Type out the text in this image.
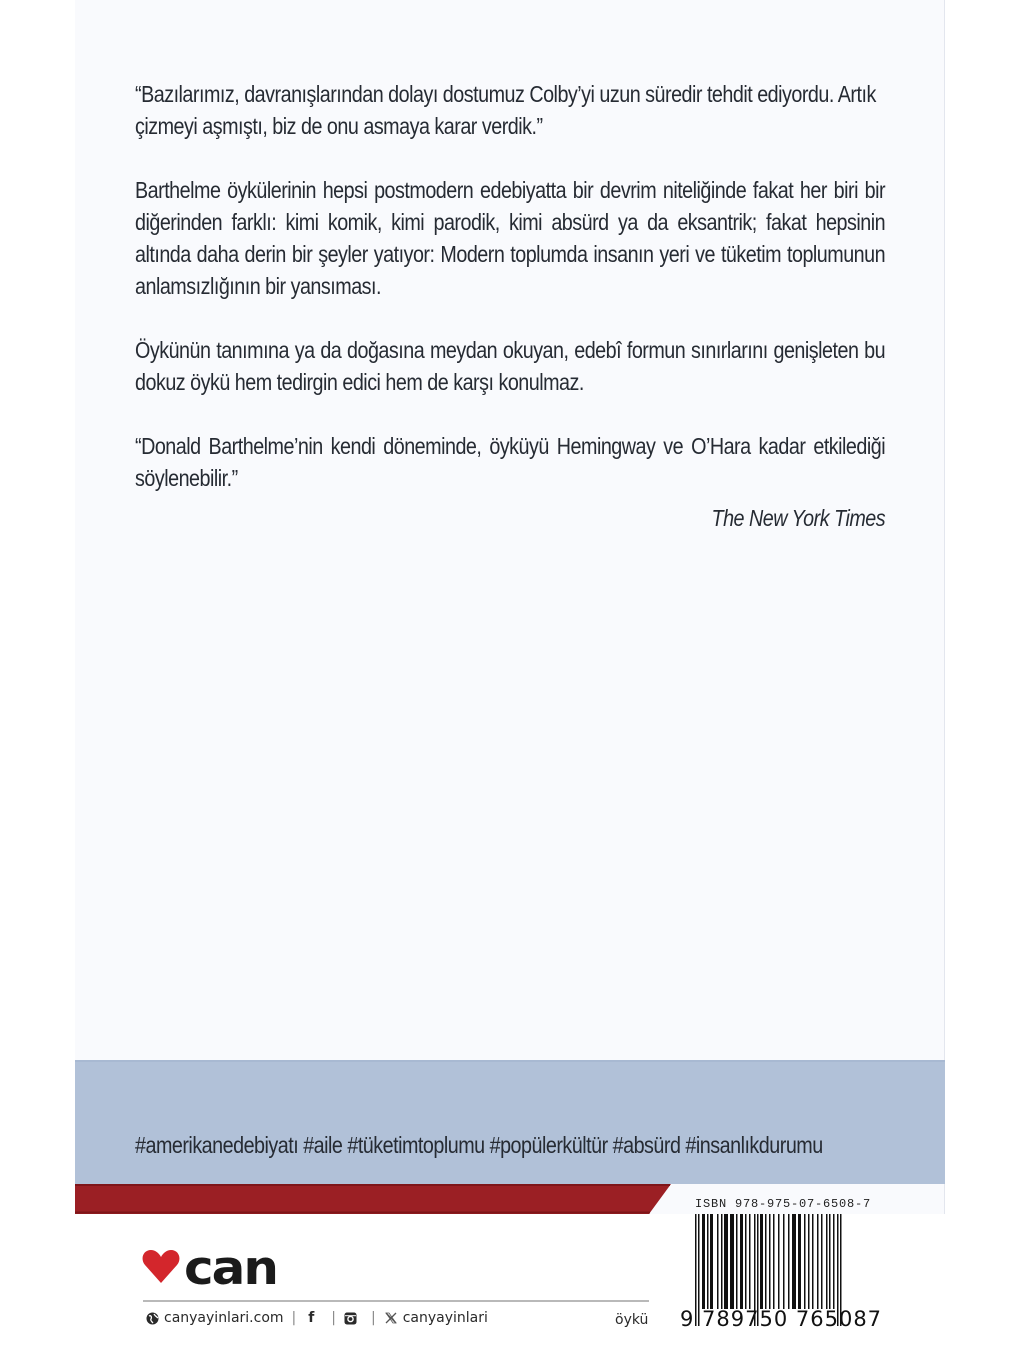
“Bazılarımız, davranışlarından dolayı dostumuz Colby’yi uzun süredir tehdit ediyordu. Artık çizmeyi aşmıştı, biz de onu asmaya karar verdik.”

Barthelme öykülerinin hepsi postmodern edebiyatta bir devrim niteliğinde fakat her biri bir diğerinden farklı: kimi komik, kimi parodik, kimi absürd ya da eksantrik; fakat hepsinin altında daha derin bir şeyler yatıyor: Modern toplumda insanın yeri ve tüketim toplumunun anlamsızlığının bir yansıması.

Öykünün tanımına ya da doğasına meydan okuyan, edebî formun sınırlarını genişleten bu dokuz öykü hem tedirgin edici hem de karşı konulmaz.

“Donald Barthelme’nin kendi döneminde, öyküyü Hemingway ve O’Hara kadar etkilediği söylenebilir.”

The New York Times
#amerikanedebiyatı #aile #tüketimtoplumu #popülerkültür #absürd #insanlıkdurumu
can
canyayinlari.com | f |	| canyayinlari	öykü
ISBN 978-975-07-6508-7
9 789750 765087
